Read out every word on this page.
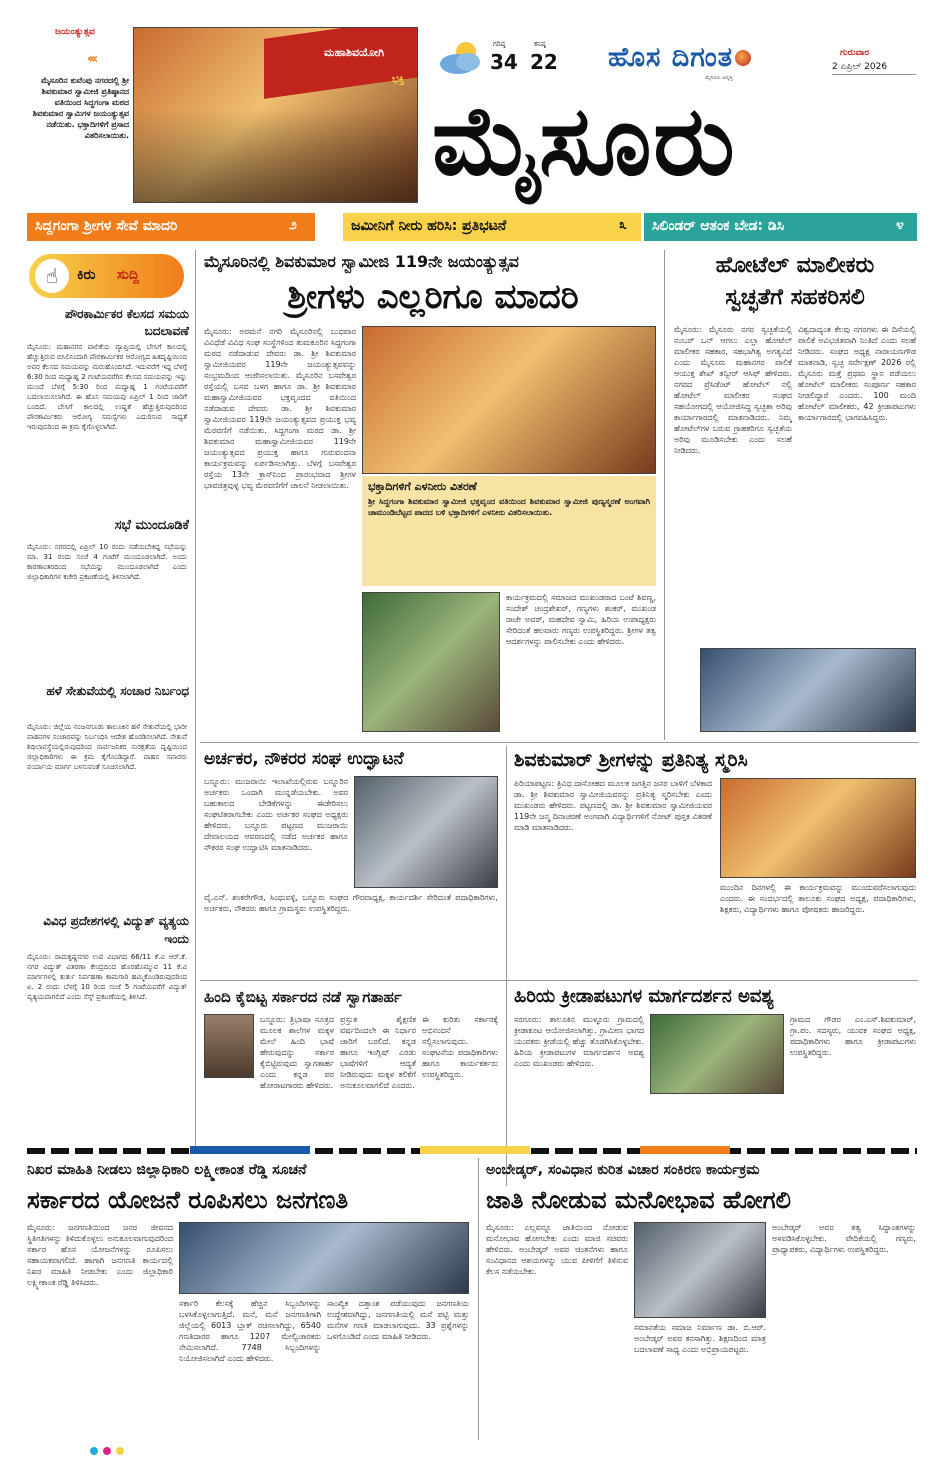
ಜಯಂತ್ಯುತ್ಸವ
‹‹‹
ಮೈಸೂರಿನ ಕುವೆಂಪು ನಗರದಲ್ಲಿ ಶ್ರೀ ಶಿವಕುಮಾರ ಸ್ವಾಮೀಜಿ ಪ್ರತಿಷ್ಠಾನದ ವತಿಯಿಂದ ಸಿದ್ದಗಂಗಾ ಮಠದ ಶಿವಕುಮಾರ ಸ್ವಾಮಿಗಳ ಜಯಂತ್ಯುತ್ಸವ ನಡೆಯಿತು. ಭಕ್ತಾದಿಗಳಿಗೆ ಪ್ರಸಾದ ವಿತರಿಸಲಾಯಿತು.
ಮಹಾಶಿವಯೋಗಿ
ಭಕ್ತಿ
ಗರಿಷ್ಠ
34
ಕನಿಷ್ಠ
22 ಹೊಸ ದಿಗಂತ
ಮೈಸೂರು ಆವೃತ್ತಿ
ಗುರುವಾರ
2 ಏಪ್ರಿಲ್ 2026
ಮೈಸೂರು
ಸಿದ್ದಗಂಗಾ ಶ್ರೀಗಳ ಸೇವೆ ಮಾದರಿ	೨	ಜಮೀನಿಗೆ ನೀರು ಹರಿಸಿ: ಪ್ರತಿಭಟನೆ	೩ ಸಿಲಿಂಡರ್ ಆತಂಕ ಬೇಡ: ಡಿಸಿ	೪
☝	ಕಿರು ಸುದ್ದಿ
ಪೌರಕಾರ್ಮಿಕರ ಕೆಲಸದ ಸಮಯ ಬದಲಾವಣೆ
ಮೈಸೂರು: ಮಹಾನಗರ ಪಾಲಿಕೆಯ ವ್ಯಾಪ್ತಿಯಲ್ಲಿ ಬೇಸಿಗೆ ಕಾಲದಲ್ಲಿ ಹೆಚ್ಚುತ್ತಿರುವ ಬಿಸಿಲಿನಿಂದಾಗಿ ಪೌರಕಾರ್ಮಿಕರ ಆರೋಗ್ಯದ ಹಿತದೃಷ್ಟಿಯಿಂದ ಅವರ ಕೆಲಸದ ಸಮಯವನ್ನು ಮರುಹೊಂದಿಸಿದೆ. ಇದುವರೆಗೆ ಇದ್ದ ಬೆಳಗ್ಗೆ 6:30 ರಿಂದ ಮಧ್ಯಾಹ್ನ 2 ಗಂಟೆಯವರೆಗಿನ ಕೆಲಸದ ಸಮಯವನ್ನು ಇನ್ನು ಮುಂದೆ ಬೆಳಗ್ಗೆ 5:30 ರಿಂದ ಮಧ್ಯಾಹ್ನ 1 ಗಂಟೆಯವರೆಗೆ ಬದಲಾಯಿಸಲಾಗಿದೆ. ಈ ಹೊಸ ಸಮಯವು ಏಪ್ರಿಲ್ 1 ರಿಂದ ಜಾರಿಗೆ ಬಂದಿದೆ. ಬೇಸಿಗೆ ಕಾಲದಲ್ಲಿ ಉಷ್ಣತೆ ಹೆಚ್ಚುತ್ತಿರುವುದರಿಂದ ಪೌರಕಾರ್ಮಿಕರು ಆರೋಗ್ಯ ಸಮಸ್ಯೆಗಳು ಎದುರಿಸುವ ಸಾಧ್ಯತೆ ಇರುವುದರಿಂದ ಈ ಕ್ರಮ ಕೈಗೊಳ್ಳಲಾಗಿದೆ.
ಸಭೆ ಮುಂದೂಡಿಕೆ
ಮೈಸೂರು: ನಗರದಲ್ಲಿ ಏಪ್ರಿಲ್ 10 ರಂದು ನಡೆಯಬೇಕಿದ್ದ ಸಭೆಯನ್ನು ಮಾ. 31 ರಂದು ಸಂಜೆ 4 ಗಂಟೆಗೆ ಮುಂದೂಡಲಾಗಿದೆ. ಅಂದು ಕಾರಣಾಂತರದಿಂದ ಸಭೆಯನ್ನು ಮುಂದೂಡಲಾಗಿದೆ ಎಂದು ಜಿಲ್ಲಾಧಿಕಾರಿಗಳ ಕಚೇರಿ ಪ್ರಕಟಣೆಯಲ್ಲಿ ತಿಳಿಸಲಾಗಿದೆ.
ಹಳೆ ಸೇತುವೆಯಲ್ಲಿ ಸಂಚಾರ ನಿರ್ಬಂಧ
ಮೈಸೂರು: ಜಿಲ್ಲೆಯ ನಂಜನಗೂಡು ತಾಲೂಕಿನ ಹಳೆ ಸೇತುವೆಯಲ್ಲಿ ಭಾರೀ ವಾಹನಗಳ ಸಂಚಾರವನ್ನು ನಿರ್ಬಂಧಿಸಿ ಆದೇಶ ಹೊರಡಿಸಲಾಗಿದೆ. ಸೇತುವೆ ಶಿಥಿಲಾವಸ್ಥೆಯಲ್ಲಿರುವುದರಿಂದ ಸಾರ್ವಜನಿಕರ ಸುರಕ್ಷತೆಯ ದೃಷ್ಟಿಯಿಂದ ಜಿಲ್ಲಾಧಿಕಾರಿಗಳು ಈ ಕ್ರಮ ಕೈಗೊಂಡಿದ್ದಾರೆ. ವಾಹನ ಸವಾರರು ಪರ್ಯಾಯ ಮಾರ್ಗ ಬಳಸುವಂತೆ ಸೂಚಿಸಲಾಗಿದೆ.
ವಿವಿಧ ಪ್ರದೇಶಗಳಲ್ಲಿ ವಿದ್ಯುತ್ ವ್ಯತ್ಯಯ ಇಂದು
ಮೈಸೂರು: ರಾಮಕೃಷ್ಣನಗರ ಉಪ ವಿಭಾಗದ 66/11 ಕೆ.ವಿ ಆರ್.ಕೆ. ನಗರ ವಿದ್ಯುತ್ ವಿತರಣಾ ಕೇಂದ್ರದಿಂದ ಹೊರಹೊಮ್ಮುವ 11 ಕೆ.ವಿ ಮಾರ್ಗಗಳಲ್ಲಿ ತುರ್ತು ನಿರ್ವಹಣಾ ಕಾಮಗಾರಿ ಹಮ್ಮಿಕೊಂಡಿರುವುದರಿಂದ ಏ. 2 ರಂದು ಬೆಳಗ್ಗೆ 10 ರಿಂದ ಸಂಜೆ 5 ಗಂಟೆಯವರೆಗೆ ವಿದ್ಯುತ್ ವ್ಯತ್ಯಯವಾಗಲಿದೆ ಎಂದು ಸೆಸ್ಕ್ ಪ್ರಕಟಣೆಯಲ್ಲಿ ತಿಳಿಸಿದೆ.
ಮೈಸೂರಿನಲ್ಲಿ ಶಿವಕುಮಾರ ಸ್ವಾಮೀಜಿ 119ನೇ ಜಯಂತ್ಯುತ್ಸವ
ಶ್ರೀಗಳು ಎಲ್ಲರಿಗೂ ಮಾದರಿ
ಮೈಸೂರು: ಅರಮನೆ ನಗರಿ ಮೈಸೂರಿನಲ್ಲಿ ಬುಧವಾರ ವಿವಿಧೆಡೆ ವಿವಿಧ ಸಂಘ ಸಂಸ್ಥೆಗಳಿಂದ ತುಮಕೂರಿನ ಸಿದ್ದಗಂಗಾ ಮಠದ ನಡೆದಾಡುವ ದೇವರು ಡಾ. ಶ್ರೀ ಶಿವಕುಮಾರ ಸ್ವಾಮೀಜಿಯವರ 119ನೇ ಜಯಂತ್ಯುತ್ಸವವನ್ನು ಸಂಭ್ರಮದಿಂದ ಆಚರಿಸಲಾಯಿತು. ಮೈಸೂರಿನ ಬಸವೇಶ್ವರ ರಸ್ತೆಯಲ್ಲಿ ಬಸವ ಬಳಗ ಹಾಗೂ ಡಾ. ಶ್ರೀ ಶಿವಕುಮಾರ ಮಹಾಸ್ವಾಮೀಜಿಯವರ ಭಕ್ತವೃಂದದ ವತಿಯಿಂದ ನಡೆದಾಡುವ ದೇವರು ಡಾ. ಶ್ರೀ ಶಿವಕುಮಾರ ಸ್ವಾಮೀಜಿಯವರ 119ನೇ ಜಯಂತ್ಯುತ್ಸವದ ಪ್ರಯುಕ್ತ ಭವ್ಯ ಮೆರವಣಿಗೆ ನಡೆಯಿತು. ಸಿದ್ದಗಂಗಾ ಮಠದ ಡಾ. ಶ್ರೀ ಶಿವಕುಮಾರ ಮಹಾಸ್ವಾಮೀಜಿಯವರ 119ನೇ ಜಯಂತ್ಯುತ್ಸವದ ಪ್ರಯುಕ್ತ ಹಾಗೂ ಗುರುವಂದನಾ ಕಾರ್ಯಕ್ರಮವನ್ನು ಏರ್ಪಡಿಸಲಾಗಿತ್ತು. ಬೆಳಗ್ಗೆ ಬಸವೇಶ್ವರ ರಸ್ತೆಯ 13ನೇ ಕ್ರಾಸ್‌ನಿಂದ ಪ್ರಾರಂಭವಾದ ಶ್ರೀಗಳ ಭಾವಚಿತ್ರವುಳ್ಳ ಭವ್ಯ ಮೆರವಣಿಗೆಗೆ ಚಾಲನೆ ನೀಡಲಾಯಿತು.	ಭಕ್ತಾದಿಗಳಿಗೆ ಎಳನೀರು ವಿತರಣೆ
ಶ್ರೀ ಸಿದ್ದಗಂಗಾ ಶಿವಕುಮಾರ ಸ್ವಾಮೀಜಿ ಭಕ್ತವೃಂದ ವತಿಯಿಂದ ಶಿವಕುಮಾರ ಸ್ವಾಮೀಜಿ ಪುಣ್ಯಸ್ಮರಣೆ ಅಂಗವಾಗಿ ಚಾಮುಂಡಿಬೆಟ್ಟದ ಪಾದದ ಬಳಿ ಭಕ್ತಾದಿಗಳಿಗೆ ಎಳನೀರು ವಿತರಿಸಲಾಯಿತು.
ಕಾರ್ಯಕ್ರಮದಲ್ಲಿ ಸಮಾಜದ ಮುಖಂಡರಾದ ಬಂಟೆ ಶಿವಣ್ಣ, ಸಂದೇಶ್ ಚಂದ್ರಶೇಖರ್, ಗಣ್ಯಗಳು ಶಂಕರ್, ಮುಖಂಡ ರಾಜೇ ಅವರ್, ಮಹದೇವ ಸ್ವಾಮಿ, ಹಿರಿಯ ಉಪಾಧ್ಯಕ್ಷರು ಸೇರಿದಂತೆ ಹಲವಾರು ಗಣ್ಯರು ಉಪಸ್ಥಿತರಿದ್ದರು. ಶ್ರೀಗಳ ತತ್ವ ಆದರ್ಶಗಳನ್ನು ಪಾಲಿಸಬೇಕು ಎಂದು ಹೇಳಿದರು.
ಹೋಟೆಲ್ ಮಾಲೀಕರು
ಸ್ವಚ್ಛತೆಗೆ ಸಹಕರಿಸಲಿ
ಮೈಸೂರು: ಮೈಸೂರು ನಗರ ಸ್ವಚ್ಛತೆಯಲ್ಲಿ ನಂಬರ್ ಒನ್ ಆಗಲು ಎಲ್ಲಾ ಹೋಟೆಲ್ ಮಾಲೀಕರ ಸಹಕಾರ, ಸಹಭಾಗಿತ್ವ ಅಗತ್ಯವಿದೆ ಎಂದು ಮೈಸೂರು ಮಹಾನಗರ ಪಾಲಿಕೆ ಆಯುಕ್ತ ಶೇಖ್ ತನ್ವೀರ್ ಆಸಿಫ್ ಹೇಳಿದರು. ನಗರದ ಪ್ರೆಸಿಡೆಂಟ್ ಹೋಟೆಲ್ ನಲ್ಲಿ ಹೋಟೆಲ್ ಮಾಲೀಕರ ಸಂಘದ ಸಹಯೋಗದಲ್ಲಿ ಆಯೋಜಿಸಿದ್ದ ಸ್ವಚ್ಛತಾ ಅರಿವು ಕಾರ್ಯಾಗಾರದಲ್ಲಿ ಮಾತನಾಡಿದರು. ನಿಮ್ಮ ಹೋಟೆಲ್‌ಗಳ ಬರುವ ಗ್ರಾಹಕರಿಗೂ ಸ್ವಚ್ಛತೆಯ ಅರಿವು ಮೂಡಿಸಬೇಕು ಎಂದು ಸಲಹೆ ನೀಡಿದರು.
ವಿಶ್ವದಾದ್ಯಂತ ಕೆಲವು ನಗರಗಳು ಈ ದಿಸೆಯಲ್ಲಿ ಪಾಲಿಕೆ ಅವಿಭಜಿತವಾಗಿ ನಿಂತಿದೆ ಎಂದು ಸಲಹೆ ನೀಡಿದರು. ಸಂಘದ ಅಧ್ಯಕ್ಷ ನಾರಾಯಣಗೌಡ ಮಾತನಾಡಿ, ಸ್ವಚ್ಛ ಸರ್ವೇಕ್ಷಣ್ 2026 ರಲ್ಲಿ ಮೈಸೂರು ಮತ್ತೆ ಪ್ರಥಮ ಸ್ಥಾನ ಪಡೆಯಲು ಹೋಟೆಲ್ ಮಾಲೀಕರು ಸಂಪೂರ್ಣ ಸಹಕಾರ ನೀಡಲಿದ್ದಾರೆ ಎಂದರು. 100 ಮಂದಿ ಹೋಟೆಲ್ ಮಾಲೀಕರು, 42 ಕ್ರೀಡಾಪಟುಗಳು ಕಾರ್ಯಾಗಾರದಲ್ಲಿ ಭಾಗವಹಿಸಿದ್ದರು.
ಅರ್ಚಕರ, ನೌಕರರ ಸಂಘ ಉದ್ಘಾಟನೆ
ಬನ್ನೂರು: ಮುಜರಾಯಿ ಇಲಾಖೆಯಲ್ಲಿರುವ ಬನ್ನೂರಿನ ಅರ್ಚಕರು ಒಂದಾಗಿ ಮುನ್ನಡೆಯಬೇಕು. ಅವರ ಬಹುಕಾಲದ ಬೇಡಿಕೆಗಳನ್ನು ಈಡೇರಿಸಲು ಸಂಘಟಿತರಾಗಬೇಕು ಎಂದು ಅರ್ಚಕರ ಸಂಘದ ಅಧ್ಯಕ್ಷರು ಹೇಳಿದರು. ಬನ್ನೂರು ಪಟ್ಟಣದ ಮುಜರಾಯಿ ದೇವಾಲಯದ ಆವರಣದಲ್ಲಿ ನಡೆದ ಅರ್ಚಕರ ಹಾಗೂ ನೌಕರರ ಸಂಘ ಉದ್ಘಾಟಿಸಿ ಮಾತನಾಡಿದರು.
ವೈ.ಎನ್. ಶಂಕರೇಗೌಡ, ಸಿಂಧುವಳ್ಳಿ, ಬನ್ನೂರು ಸಂಘದ ಗೌರವಾಧ್ಯಕ್ಷ, ಕಾರ್ಯದರ್ಶಿ ಸೇರಿದಂತೆ ಪದಾಧಿಕಾರಿಗಳು, ಅರ್ಚಕರು, ನೌಕರರು ಹಾಗೂ ಗ್ರಾಮಸ್ಥರು ಉಪಸ್ಥಿತರಿದ್ದರು.
ಶಿವಕುಮಾರ್ ಶ್ರೀಗಳನ್ನು ಪ್ರತಿನಿತ್ಯ ಸ್ಮರಿಸಿ
ಪಿರಿಯಾಪಟ್ಟಣ: ತ್ರಿವಿಧ ದಾಸೋಹದ ಮೂಲಕ ಜಗತ್ತಿನ ಜನರ ಬಾಳಿಗೆ ಬೆಳಕಾದ ಡಾ. ಶ್ರೀ ಶಿವಕುಮಾರ ಸ್ವಾಮೀಜಿಯವರನ್ನು ಪ್ರತಿನಿತ್ಯ ಸ್ಮರಿಸಬೇಕು ಎಂದು ಮುಖಂಡರು ಹೇಳಿದರು. ಪಟ್ಟಣದಲ್ಲಿ ಡಾ. ಶ್ರೀ ಶಿವಕುಮಾರ ಸ್ವಾಮೀಜಿಯವರ 119ನೇ ಜನ್ಮ ದಿನಾಚರಣೆ ಅಂಗವಾಗಿ ವಿದ್ಯಾರ್ಥಿಗಳಿಗೆ ನೋಟ್ ಪುಸ್ತಕ ವಿತರಣೆ ಮಾಡಿ ಮಾತನಾಡಿದರು.
ಮುಂದಿನ ದಿನಗಳಲ್ಲಿ ಈ ಕಾರ್ಯಕ್ರಮವನ್ನು ಮುಂದುವರೆಸಲಾಗುವುದು ಎಂದರು. ಈ ಸಂದರ್ಭದಲ್ಲಿ ತಾಲೂಕು ಸಂಘದ ಅಧ್ಯಕ್ಷ, ಪದಾಧಿಕಾರಿಗಳು, ಶಿಕ್ಷಕರು, ವಿದ್ಯಾರ್ಥಿಗಳು ಹಾಗೂ ಪೋಷಕರು ಹಾಜರಿದ್ದರು.
ಹಿಂದಿ ಕೈಬಿಟ್ಟ ಸರ್ಕಾರದ ನಡೆ ಸ್ವಾಗತಾರ್ಹ
ಬನ್ನೂರು: ತ್ರಿಭಾಷಾ ಸೂತ್ರದ ಮೂಲಕ ಶಾಲೆಗಳ ಮಕ್ಕಳ ಮೇಲೆ ಹಿಂದಿ ಭಾಷೆ ಹೇರುವುದನ್ನು ಸರ್ಕಾರ ಕೈಬಿಟ್ಟಿರುವುದು ಸ್ವಾಗತಾರ್ಹ ಎಂದು ಕನ್ನಡ ಪರ ಹೋರಾಟಗಾರರು ಹೇಳಿದರು.
ಪ್ರಸ್ತುತ ಶೈಕ್ಷಣಿಕ ವರ್ಷದಿಂದಲೇ ಈ ನಿರ್ಧಾರ ಜಾರಿಗೆ ಬರಲಿದೆ. ಕನ್ನಡ ಹಾಗೂ ಇಂಗ್ಲಿಷ್ ಎರಡು ಭಾಷೆಗಳಿಗೆ ಆದ್ಯತೆ ನೀಡಿರುವುದು ಮಕ್ಕಳ ಕಲಿಕೆಗೆ ಅನುಕೂಲವಾಗಲಿದೆ ಎಂದರು.
ಈ ಕುರಿತು ಸರ್ಕಾರಕ್ಕೆ ಅಭಿನಂದನೆ ಸಲ್ಲಿಸಲಾಗುವುದು. ಸಂಘಟನೆಯ ಪದಾಧಿಕಾರಿಗಳು ಹಾಗೂ ಕಾರ್ಯಕರ್ತರು ಉಪಸ್ಥಿತರಿದ್ದರು.
ಹಿರಿಯ ಕ್ರೀಡಾಪಟುಗಳ ಮಾರ್ಗದರ್ಶನ ಅವಶ್ಯ
ಸರಗೂರು: ತಾಲೂಕಿನ ಮುಳ್ಳೂರು ಗ್ರಾಮದಲ್ಲಿ ಕ್ರೀಡಾಕೂಟ ಆಯೋಜಿಸಲಾಗಿತ್ತು. ಗ್ರಾಮೀಣ ಭಾಗದ ಯುವಕರು ಕ್ರೀಡೆಯಲ್ಲಿ ಹೆಚ್ಚು ತೊಡಗಿಸಿಕೊಳ್ಳಬೇಕು. ಹಿರಿಯ ಕ್ರೀಡಾಪಟುಗಳ ಮಾರ್ಗದರ್ಶನ ಅವಶ್ಯ ಎಂದು ಮುಖಂಡರು ಹೇಳಿದರು.
ಗ್ರಾಮದ ಗೌಡರ ಎಂ.ಎಸ್.ಶಿವಕುಮಾರ್, ಗ್ರಾ.ಪಂ. ಸದಸ್ಯರು, ಯುವಕ ಸಂಘದ ಅಧ್ಯಕ್ಷ, ಪದಾಧಿಕಾರಿಗಳು ಹಾಗೂ ಕ್ರೀಡಾಪಟುಗಳು ಉಪಸ್ಥಿತರಿದ್ದರು.
ನಿಖರ ಮಾಹಿತಿ ನೀಡಲು ಜಿಲ್ಲಾಧಿಕಾರಿ ಲಕ್ಷ್ಮೀಕಾಂತ ರೆಡ್ಡಿ ಸೂಚನೆ
ಸರ್ಕಾರದ ಯೋಜನೆ ರೂಪಿಸಲು ಜನಗಣತಿ
ಮೈಸೂರು: ಜನಗಣತಿಯಿಂದ ಜನರ ಜೀವನದ ಸ್ಥಿತಿಗತಿಗಳನ್ನು ತಿಳಿದುಕೊಳ್ಳಲು ಅನುಕೂಲವಾಗುವುದರಿಂದ ಸರ್ಕಾರ ಹೊಸ ಯೋಜನೆಗಳನ್ನು ರೂಪಿಸಲು ಸಹಾಯಕವಾಗಲಿದೆ. ಹಾಗಾಗಿ ಜನಗಣತಿ ಕಾರ್ಯದಲ್ಲಿ ನಿಖರ ಮಾಹಿತಿ ನೀಡಬೇಕು ಎಂದು ಜಿಲ್ಲಾಧಿಕಾರಿ ಲಕ್ಷ್ಮೀಕಾಂತ ರೆಡ್ಡಿ ತಿಳಿಸಿದರು.
ಸರ್ಕಾರಿ ಕೆಲಸಕ್ಕೆ ಹೆಚ್ಚಿನ ಸಿಬ್ಬಂದಿಗಳನ್ನು ಬಳಸಿಕೊಳ್ಳಲಾಗುತ್ತಿದೆ. ಮನೆ, ಮನೆ ಜನಗಣತಿಗಾಗಿ ಜಿಲ್ಲೆಯಲ್ಲಿ 6013 ಬ್ಲಾಕ್ ರಚಿಸಲಾಗಿದ್ದು, 6540 ಗಣತಿದಾರರ ಹಾಗೂ 1207 ಮೇಲ್ವಿಚಾರಕರು ನೇಮಿಸಲಾಗಿದೆ. 7748 ಸಿಬ್ಬಂದಿಗಳನ್ನು ನಿಯೋಜಿಸಲಾಗಿದೆ ಎಂದು ಹೇಳಿದರು.
ಸಾಂಖ್ಯಿಕ ದತ್ತಾಂಶ ಪಡೆಯುವುದು ಜನಗಣತಿಯ ಉದ್ದೇಶವಾಗಿದ್ದು, ಜನಗಣತಿಯಲ್ಲಿ ಮನೆ ಪಟ್ಟಿ ಮತ್ತು ಮನೆಗಳ ಗಣತಿ ಮಾಡಲಾಗುವುದು. 33 ಪ್ರಶ್ನೆಗಳನ್ನು ಒಳಗೊಂಡಿದೆ ಎಂದು ಮಾಹಿತಿ ನೀಡಿದರು.
ಅಂಬೇಡ್ಕರ್, ಸಂವಿಧಾನ ಕುರಿತ ವಿಚಾರ ಸಂಕಿರಣ ಕಾರ್ಯಕ್ರಮ
ಜಾತಿ ನೋಡುವ ಮನೋಭಾವ ಹೋಗಲಿ
ಮೈಸೂರು: ಎಲ್ಲವನ್ನೂ ಜಾತಿಯಿಂದ ನೋಡುವ ಮನೋಭಾವ ಹೋಗಬೇಕು ಎಂದು ಮಾಜಿ ಸಚಿವರು ಹೇಳಿದರು. ಅಂಬೇಡ್ಕರ್ ಅವರ ಚಿಂತನೆಗಳು ಹಾಗೂ ಸಂವಿಧಾನದ ಆಶಯಗಳನ್ನು ಯುವ ಪೀಳಿಗೆಗೆ ತಿಳಿಸುವ ಕೆಲಸ ನಡೆಯಬೇಕು.
ಸಮಾನತೆಯ ಸಮಾಜ ನಿರ್ಮಾಣ ಡಾ. ಬಿ.ಆರ್. ಅಂಬೇಡ್ಕರ್ ಅವರ ಕನಸಾಗಿತ್ತು. ಶಿಕ್ಷಣದಿಂದ ಮಾತ್ರ ಬದಲಾವಣೆ ಸಾಧ್ಯ ಎಂದು ಅಭಿಪ್ರಾಯಪಟ್ಟರು.
ಅಂಬೇಡ್ಕರ್ ಅವರ ತತ್ವ ಸಿದ್ದಾಂತಗಳನ್ನು ಅಳವಡಿಸಿಕೊಳ್ಳಬೇಕು. ವೇದಿಕೆಯಲ್ಲಿ ಗಣ್ಯರು, ಪ್ರಾಧ್ಯಾಪಕರು, ವಿದ್ಯಾರ್ಥಿಗಳು ಉಪಸ್ಥಿತರಿದ್ದರು.
